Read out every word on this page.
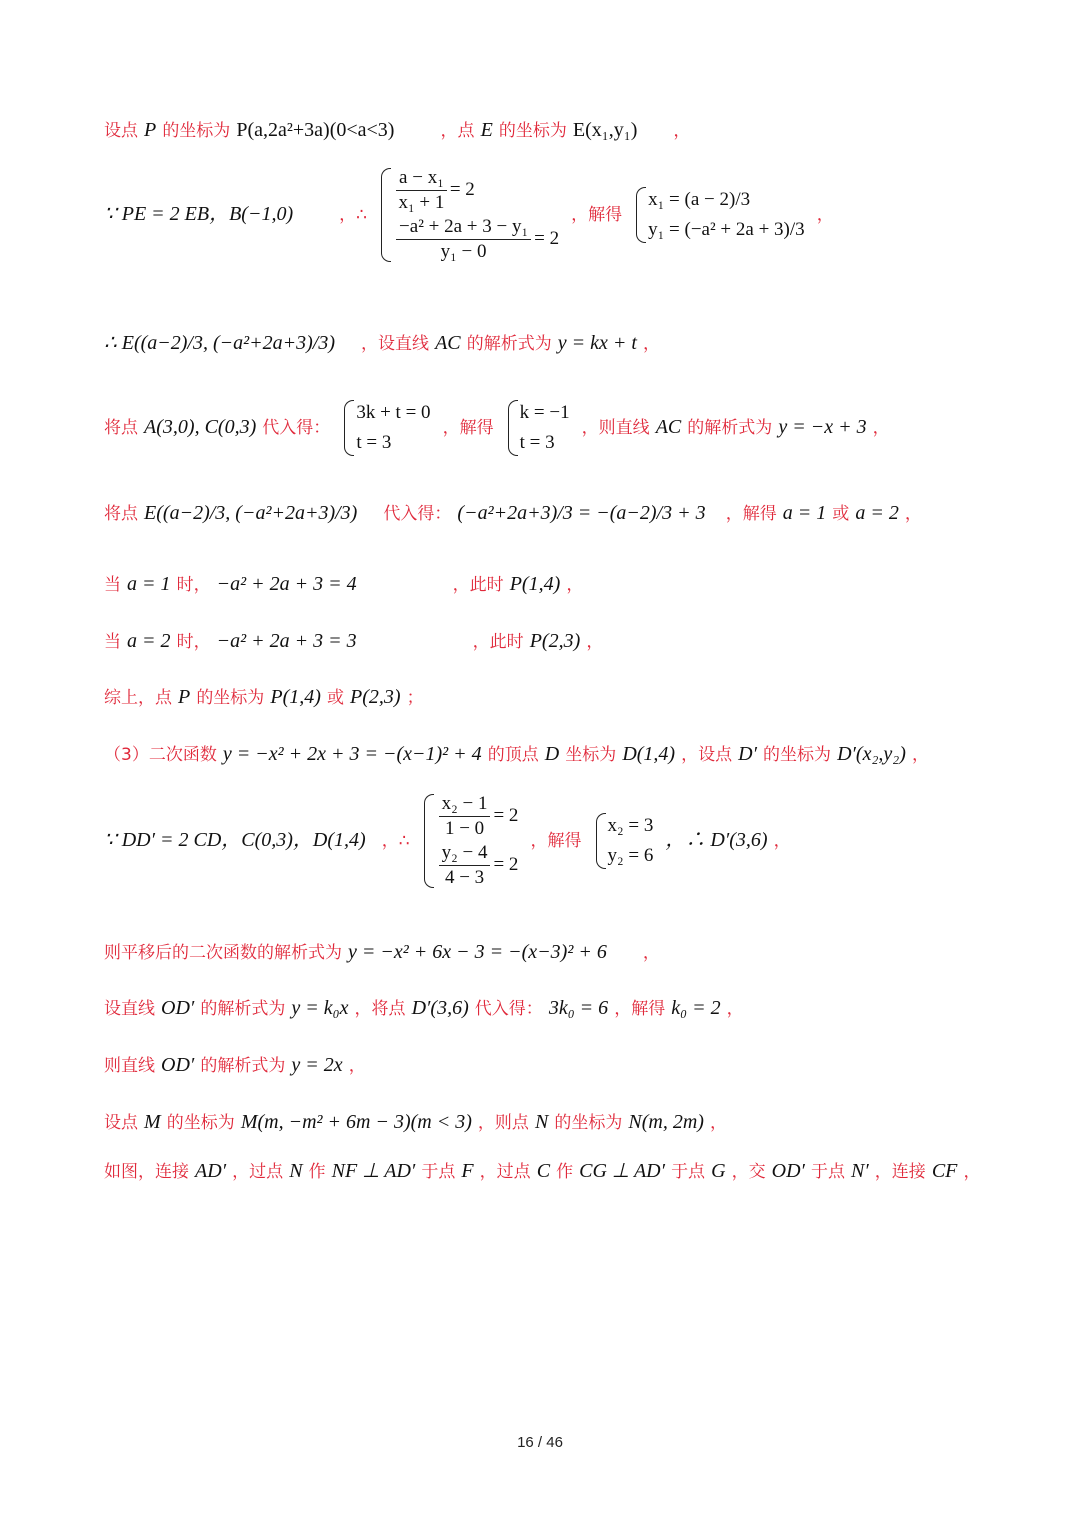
设点 P 的坐标为 P(a,2a²+3a)(0<a<3)	，点 E 的坐标为 E(x₁,y₁) ，
∵ PE = 2 EB，B(−1,0)	，∴ $\frac{\text{a − x₁}}{\text{x₁ + 1}} = 2$
$\frac{\text{−a² + 2a + 3 − y₁}}{\text{y₁ − 0}} = 2$
，解得
x₁ = (a − 2)/3
y₁ = (−a² + 2a + 3)/3
，
∴ E((a−2)/3, (−a²+2a+3)/3) ，设直线 AC 的解析式为 y = kx + t ，
将点 A(3,0), C(0,3) 代入得：
3k + t = 0
t = 3
，解得
k = −1
t = 3
，则直线 AC 的解析式为 y = −x + 3 ，
将点 E((a−2)/3, (−a²+2a+3)/3) 代入得： (−a²+2a+3)/3 = −(a−2)/3 + 3 ，解得 a = 1 或 a = 2 ，
当 a = 1 时， −a² + 2a + 3 = 4	，此时 P(1,4) ，
当 a = 2 时， −a² + 2a + 3 = 3	，此时 P(2,3) ，
综上，点 P 的坐标为 P(1,4) 或 P(2,3) ；
（3）二次函数 y = −x² + 2x + 3 = −(x−1)² + 4 的顶点 D 坐标为 D(1,4) ，设点 D′ 的坐标为 D′(x₂,y₂) ，
∵ DD′ = 2 CD，C(0,3)，D(1,4) ，∴ $\frac{\text{x₂ − 1}}{1 - 0} = 2$
$\frac{\text{y₂ − 4}}{4 - 3} = 2$
，解得
x₂ = 3
y₂ = 6
，∴ D′(3,6) ，
则平移后的二次函数的解析式为 y = −x² + 6x − 3 = −(x−3)² + 6 ，
设直线 OD′ 的解析式为 y = k₀x ，将点 D′(3,6) 代入得： 3k₀ = 6 ，解得 k₀ = 2 ，
则直线 OD′ 的解析式为 y = 2x ，
设点 M 的坐标为 M(m, −m² + 6m − 3)(m < 3) ，则点 N 的坐标为 N(m, 2m) ，
如图，连接 AD′ ，过点 N 作 NF ⊥ AD′ 于点 F ，过点 C 作 CG ⊥ AD′ 于点 G ，交 OD′ 于点 N′ ，连接 CF ，
16 / 46
